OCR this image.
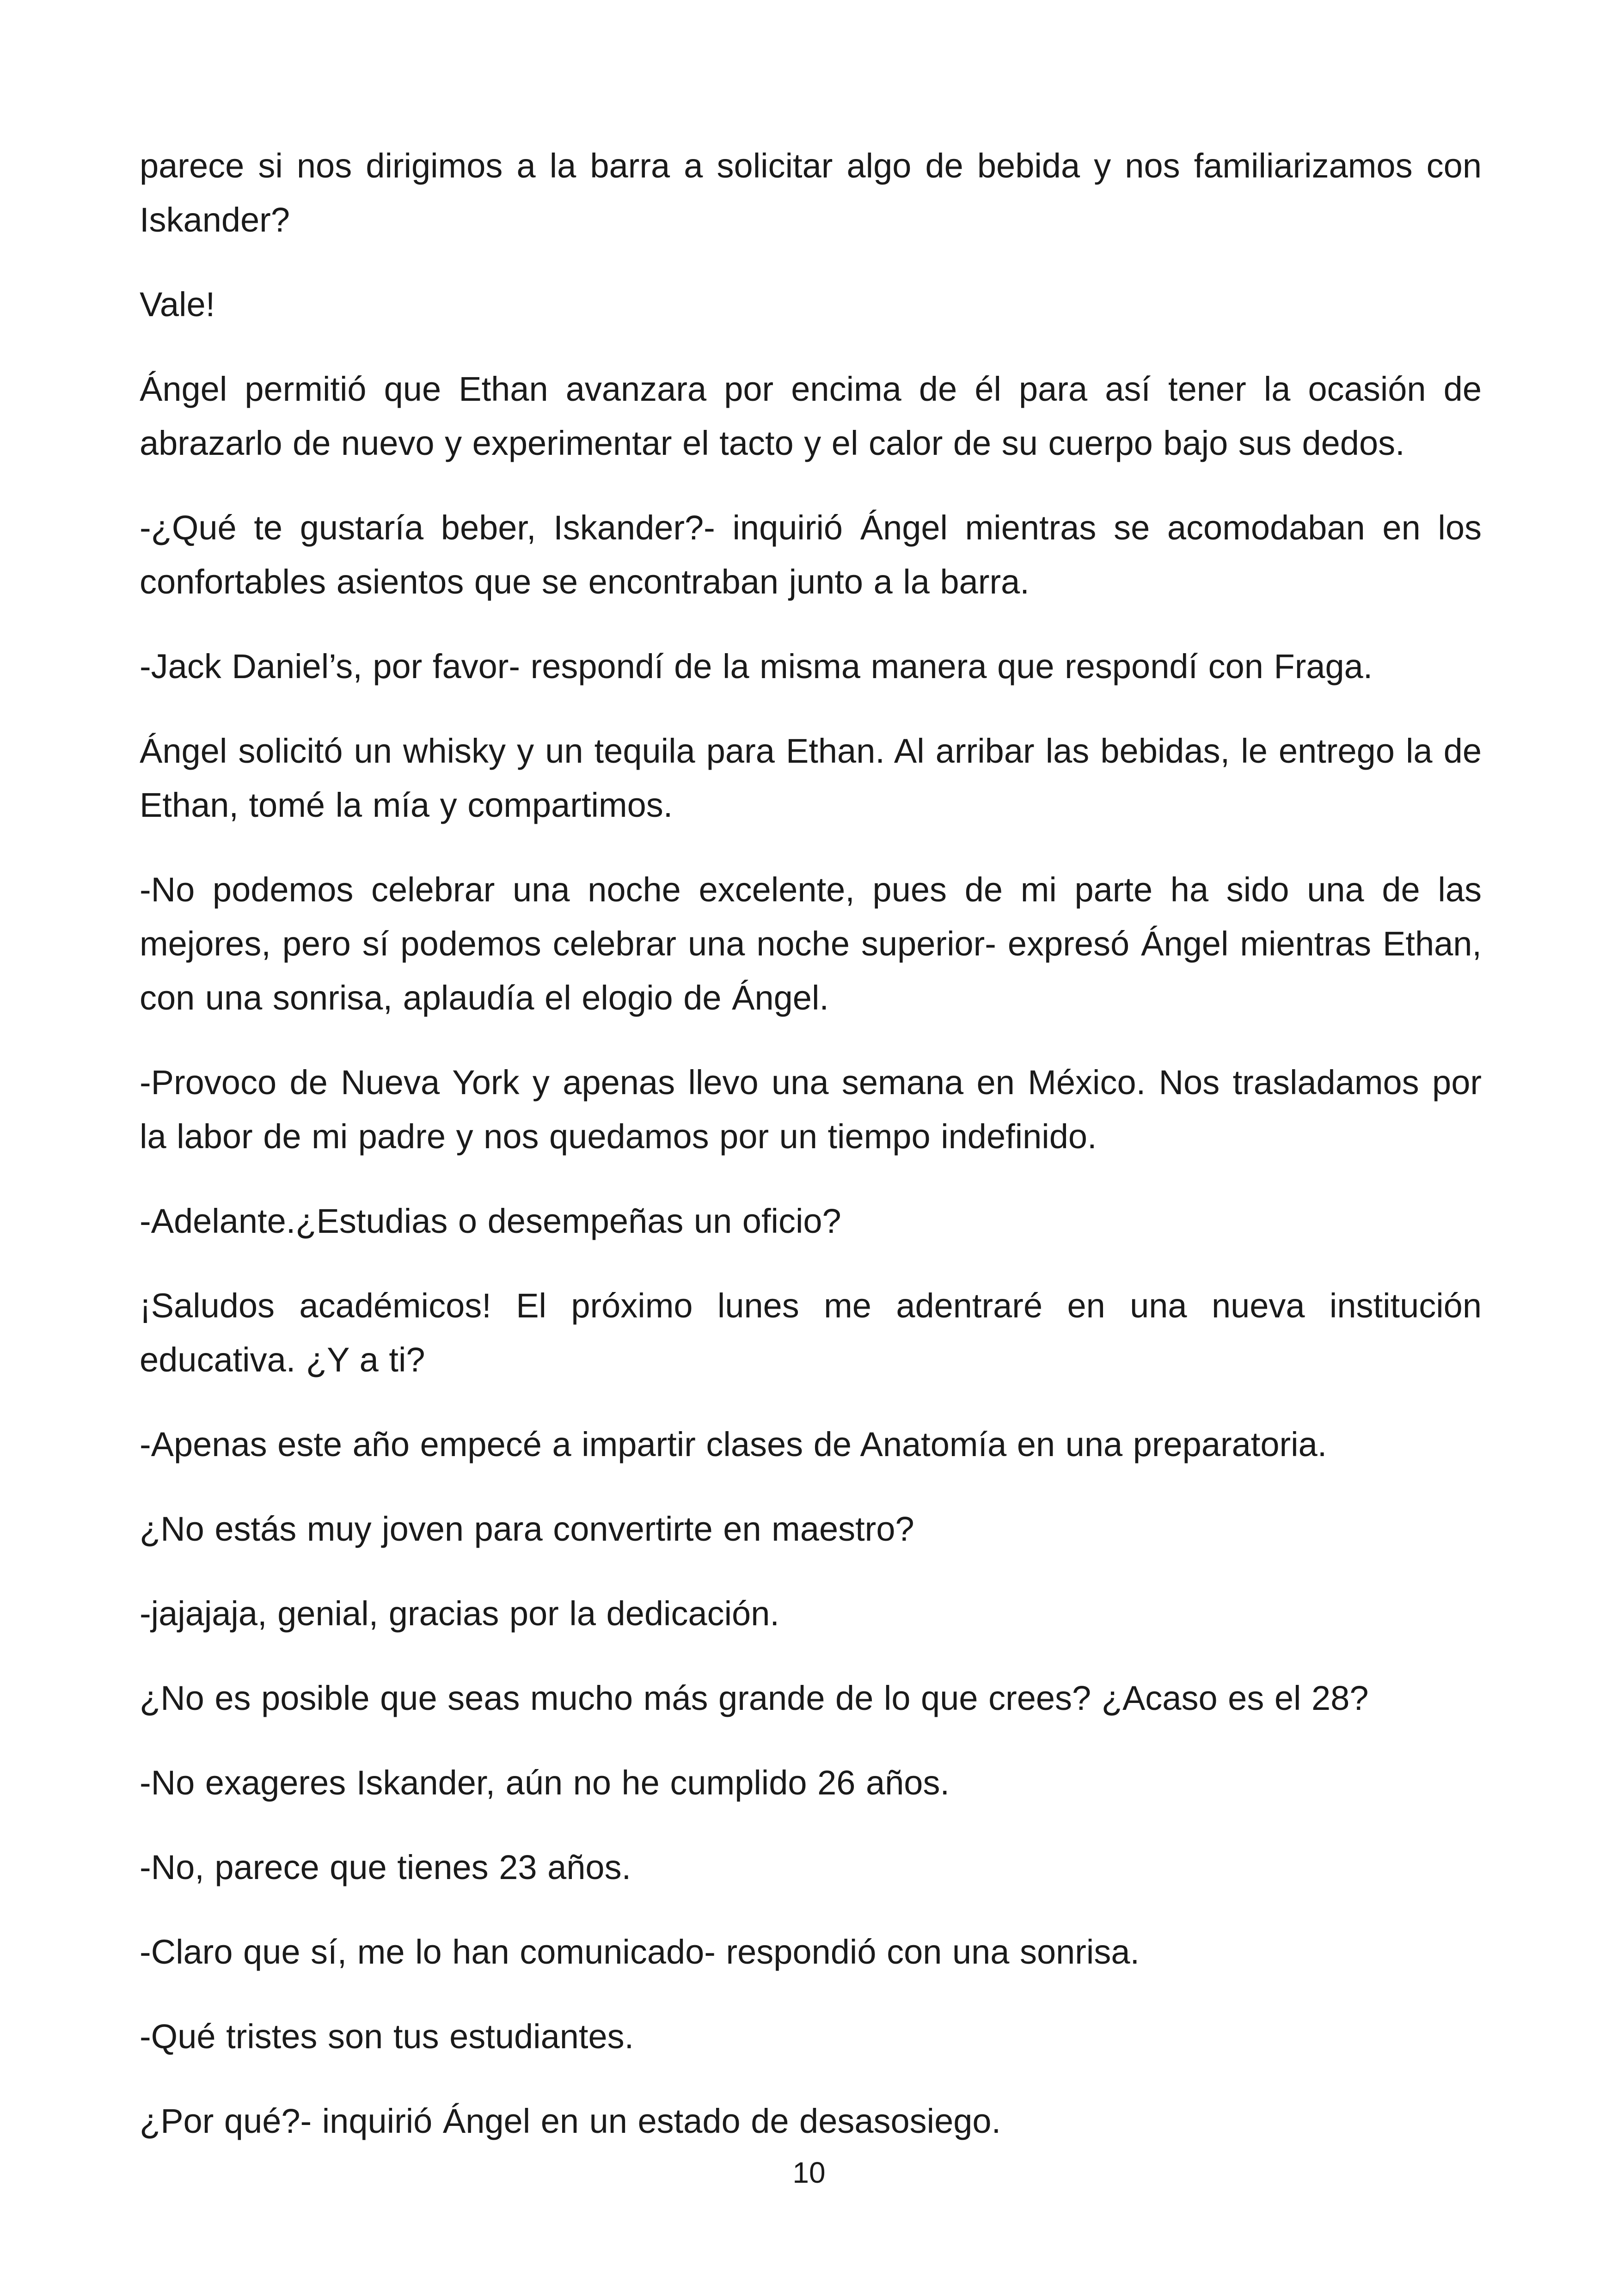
parece si nos dirigimos a la barra a solicitar algo de bebida y nos familiarizamos con Iskander?

Vale!

Ángel permitió que Ethan avanzara por encima de él para así tener la ocasión de abrazarlo de nuevo y experimentar el tacto y el calor de su cuerpo bajo sus dedos.

-¿Qué te gustaría beber, Iskander?- inquirió Ángel mientras se acomodaban en los confortables asientos que se encontraban junto a la barra.

-Jack Daniel’s, por favor- respondí de la misma manera que respondí con Fraga.

Ángel solicitó un whisky y un tequila para Ethan. Al arribar las bebidas, le entrego la de Ethan, tomé la mía y compartimos.

-No podemos celebrar una noche excelente, pues de mi parte ha sido una de las mejores, pero sí podemos celebrar una noche superior- expresó Ángel mientras Ethan, con una sonrisa, aplaudía el elogio de Ángel.

-Provoco de Nueva York y apenas llevo una semana en México. Nos trasladamos por la labor de mi padre y nos quedamos por un tiempo indefinido.

-Adelante.¿Estudias o desempeñas un oficio?

¡Saludos académicos! El próximo lunes me adentraré en una nueva institución educativa. ¿Y a ti?

-Apenas este año empecé a impartir clases de Anatomía en una preparatoria.

¿No estás muy joven para convertirte en maestro?

-jajajaja, genial, gracias por la dedicación.

¿No es posible que seas mucho más grande de lo que crees? ¿Acaso es el 28?

-No exageres Iskander, aún no he cumplido 26 años.

-No, parece que tienes 23 años.

-Claro que sí, me lo han comunicado- respondió con una sonrisa.

-Qué tristes son tus estudiantes.

¿Por qué?- inquirió Ángel en un estado de desasosiego.

10
